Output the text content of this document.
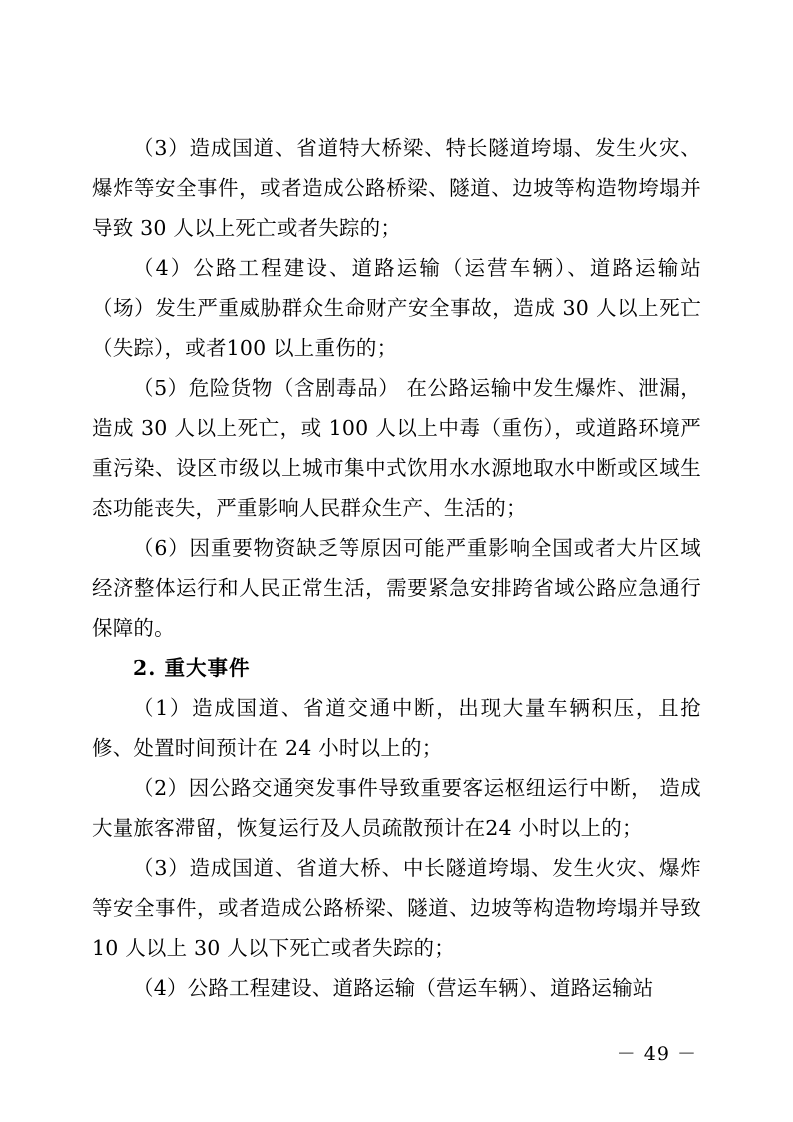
（3）造成国道、省道特大桥梁、特长隧道垮塌、发生火灾、爆炸等安全事件，或者造成公路桥梁、隧道、边坡等构造物垮塌并导致 30 人以上死亡或者失踪的；

（4）公路工程建设、道路运输（运营车辆）、道路运输站（场）发生严重威胁群众生命财产安全事故，造成 30 人以上死亡（失踪），或者100 以上重伤的；

（5）危险货物（含剧毒品） 在公路运输中发生爆炸、泄漏，造成 30 人以上死亡，或 100 人以上中毒（重伤），或道路环境严重污染、设区市级以上城市集中式饮用水水源地取水中断或区域生态功能丧失，严重影响人民群众生产、生活的；

（6）因重要物资缺乏等原因可能严重影响全国或者大片区域经济整体运行和人民正常生活，需要紧急安排跨省域公路应急通行保障的。

2. 重大事件

（1）造成国道、省道交通中断，出现大量车辆积压，且抢修、处置时间预计在 24 小时以上的；

（2）因公路交通突发事件导致重要客运枢纽运行中断， 造成大量旅客滞留，恢复运行及人员疏散预计在24 小时以上的；

（3）造成国道、省道大桥、中长隧道垮塌、发生火灾、爆炸等安全事件，或者造成公路桥梁、隧道、边坡等构造物垮塌并导致 10 人以上 30 人以下死亡或者失踪的；

（4）公路工程建设、道路运输（营运车辆）、道路运输站

－ 49 －
